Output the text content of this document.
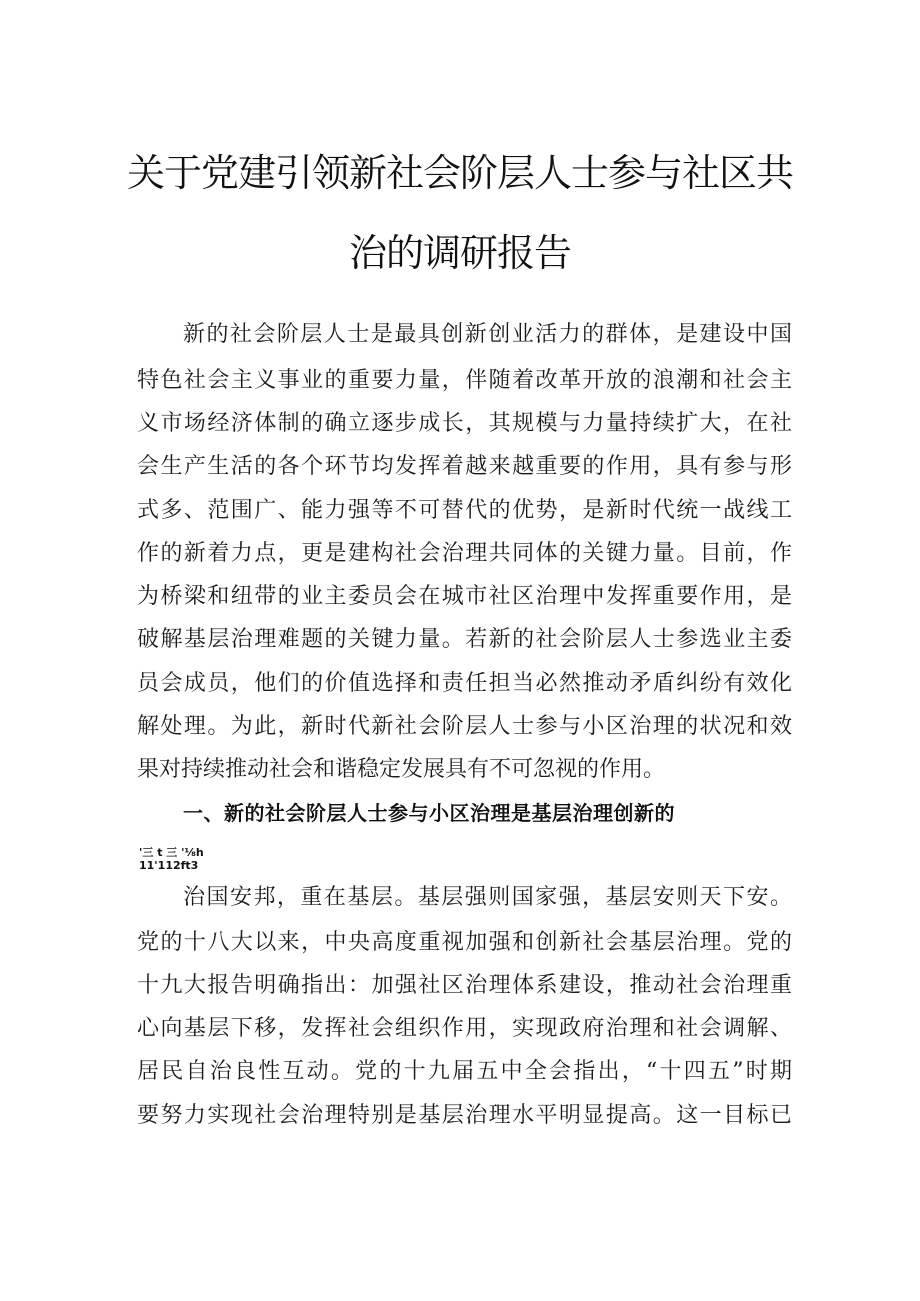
关于党建引领新社会阶层人士参与社区共
治的调研报告
新的社会阶层人士是最具创新创业活力的群体，是建设中国
特色社会主义事业的重要力量，伴随着改革开放的浪潮和社会主
义市场经济体制的确立逐步成长，其规模与力量持续扩大，在社
会生产生活的各个环节均发挥着越来越重要的作用，具有参与形
式多、范围广、能力强等不可替代的优势，是新时代统一战线工
作的新着力点，更是建构社会治理共同体的关键力量。目前，作
为桥梁和纽带的业主委员会在城市社区治理中发挥重要作用，是
破解基层治理难题的关键力量。若新的社会阶层人士参选业主委
员会成员，他们的价值选择和责任担当必然推动矛盾纠纷有效化
解处理。为此，新时代新社会阶层人士参与小区治理的状况和效
果对持续推动社会和谐稳定发展具有不可忽视的作用。
一、新的社会阶层人士参与小区治理是基层治理创新的
'三 t 三 '⅛h
11'112ft3
治国安邦，重在基层。基层强则国家强，基层安则天下安。
党的十八大以来，中央高度重视加强和创新社会基层治理。党的
十九大报告明确指出：加强社区治理体系建设，推动社会治理重
心向基层下移，发挥社会组织作用，实现政府治理和社会调解、
居民自治良性互动。党的十九届五中全会指出，“十四五”时期
要努力实现社会治理特别是基层治理水平明显提高。这一目标已
